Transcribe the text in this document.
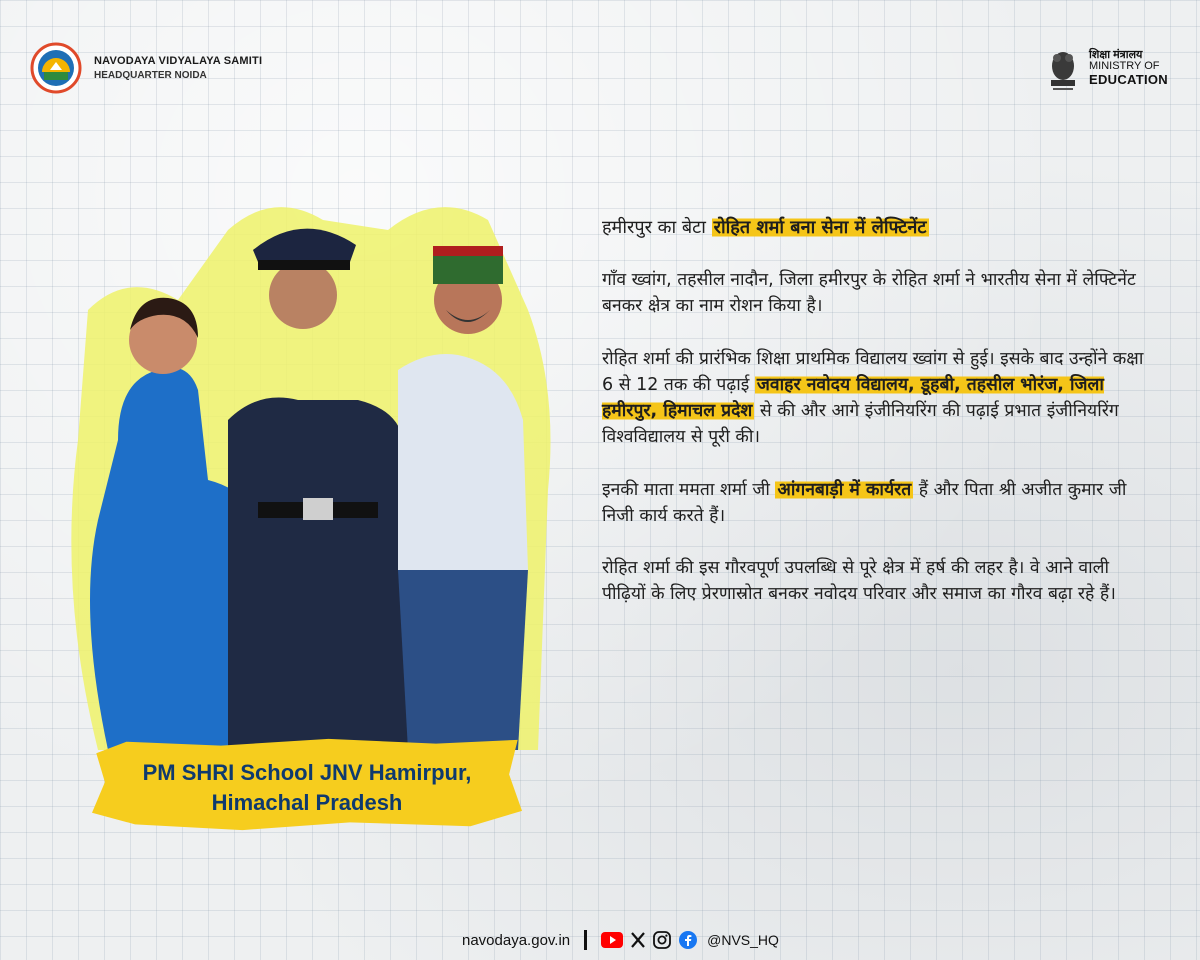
NAVODAYA VIDYALAYA SAMITI
HEADQUARTER NOIDA
शिक्षा मंत्रालय
MINISTRY OF
EDUCATION
PM SHRI School JNV Hamirpur,
Himachal Pradesh

हमीरपुर का बेटा रोहित शर्मा बना सेना में लेफ्टिनेंट

गाँव ख्वांग, तहसील नादौन, जिला हमीरपुर के रोहित शर्मा ने भारतीय सेना में लेफ्टिनेंट बनकर क्षेत्र का नाम रोशन किया है।

रोहित शर्मा की प्रारंभिक शिक्षा प्राथमिक विद्यालय ख्वांग से हुई। इसके बाद उन्होंने कक्षा 6 से 12 तक की पढ़ाई जवाहर नवोदय विद्यालय, डूहबी, तहसील भोरंज, जिला हमीरपुर, हिमाचल प्रदेश से की और आगे इंजीनियरिंग की पढ़ाई प्रभात इंजीनियरिंग विश्वविद्यालय से पूरी की।

इनकी माता ममता शर्मा जी आंगनबाड़ी में कार्यरत हैं और पिता श्री अजीत कुमार जी निजी कार्य करते हैं।

रोहित शर्मा की इस गौरवपूर्ण उपलब्धि से पूरे क्षेत्र में हर्ष की लहर है। वे आने वाली पीढ़ियों के लिए प्रेरणास्रोत बनकर नवोदय परिवार और समाज का गौरव बढ़ा रहे हैं।

navodaya.gov.in	@NVS_HQ
